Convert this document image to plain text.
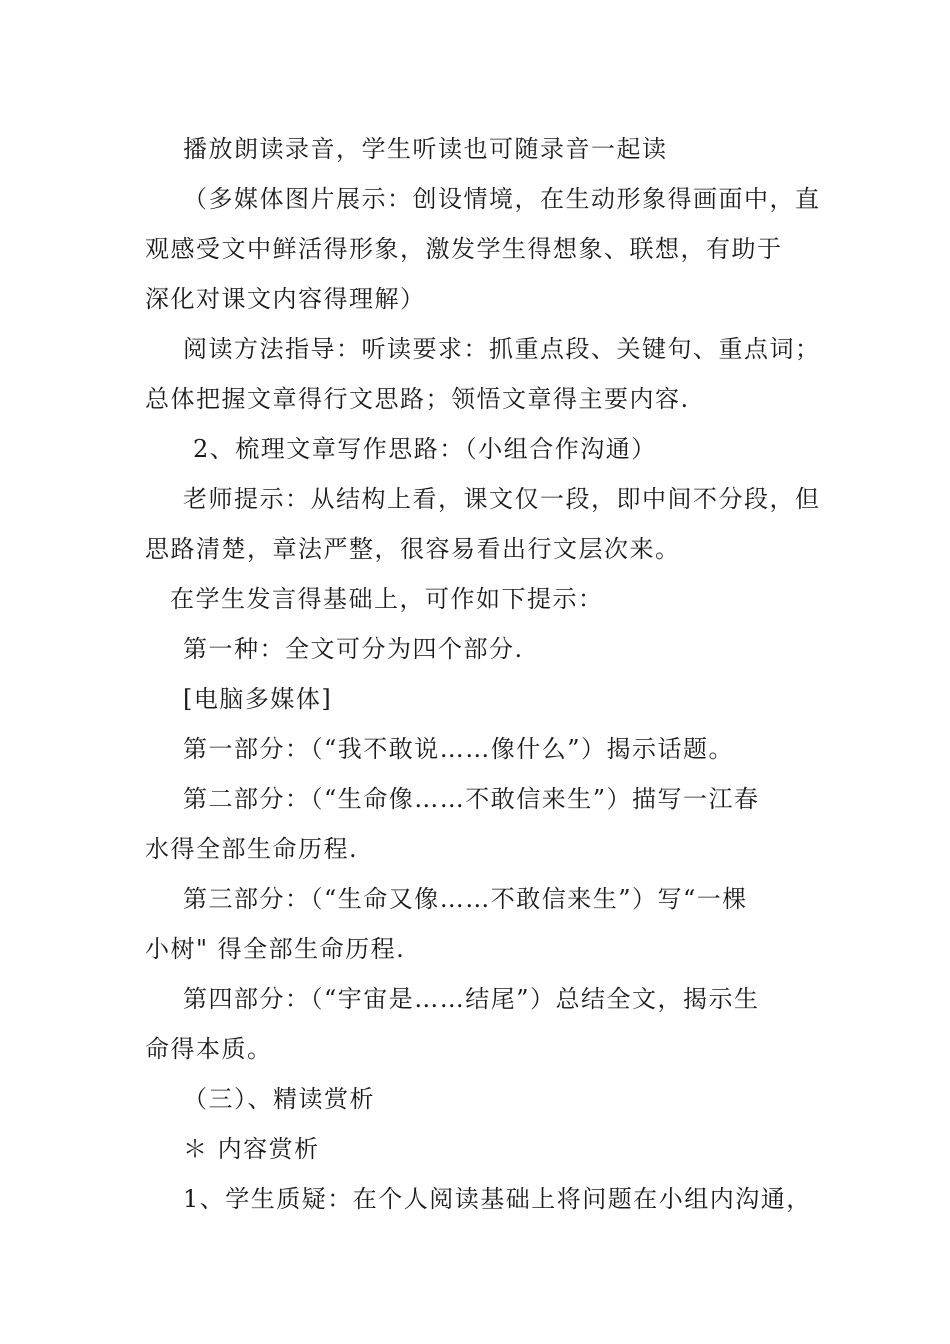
播放朗读录音，学生听读也可随录音一起读
（多媒体图片展示：创设情境，在生动形象得画面中，直
观感受文中鲜活得形象，激发学生得想象、联想，有助于
深化对课文内容得理解）
阅读方法指导：听读要求：抓重点段、关键句、重点词；
总体把握文章得行文思路；领悟文章得主要内容.
2、梳理文章写作思路：（小组合作沟通）
老师提示：从结构上看，课文仅一段，即中间不分段，但
思路清楚，章法严整，很容易看出行文层次来。
在学生发言得基础上，可作如下提示：
第一种：全文可分为四个部分.
[电脑多媒体]
第一部分：（“我不敢说……像什么”）揭示话题。
第二部分：（“生命像……不敢信来生”）描写一江春
水得全部生命历程.
第三部分：（“生命又像……不敢信来生”）写“一棵
小树" 得全部生命历程.
第四部分：（“宇宙是……结尾”）总结全文，揭示生
命得本质。
（三）、精读赏析
＊ 内容赏析
1、学生质疑：在个人阅读基础上将问题在小组内沟通，
